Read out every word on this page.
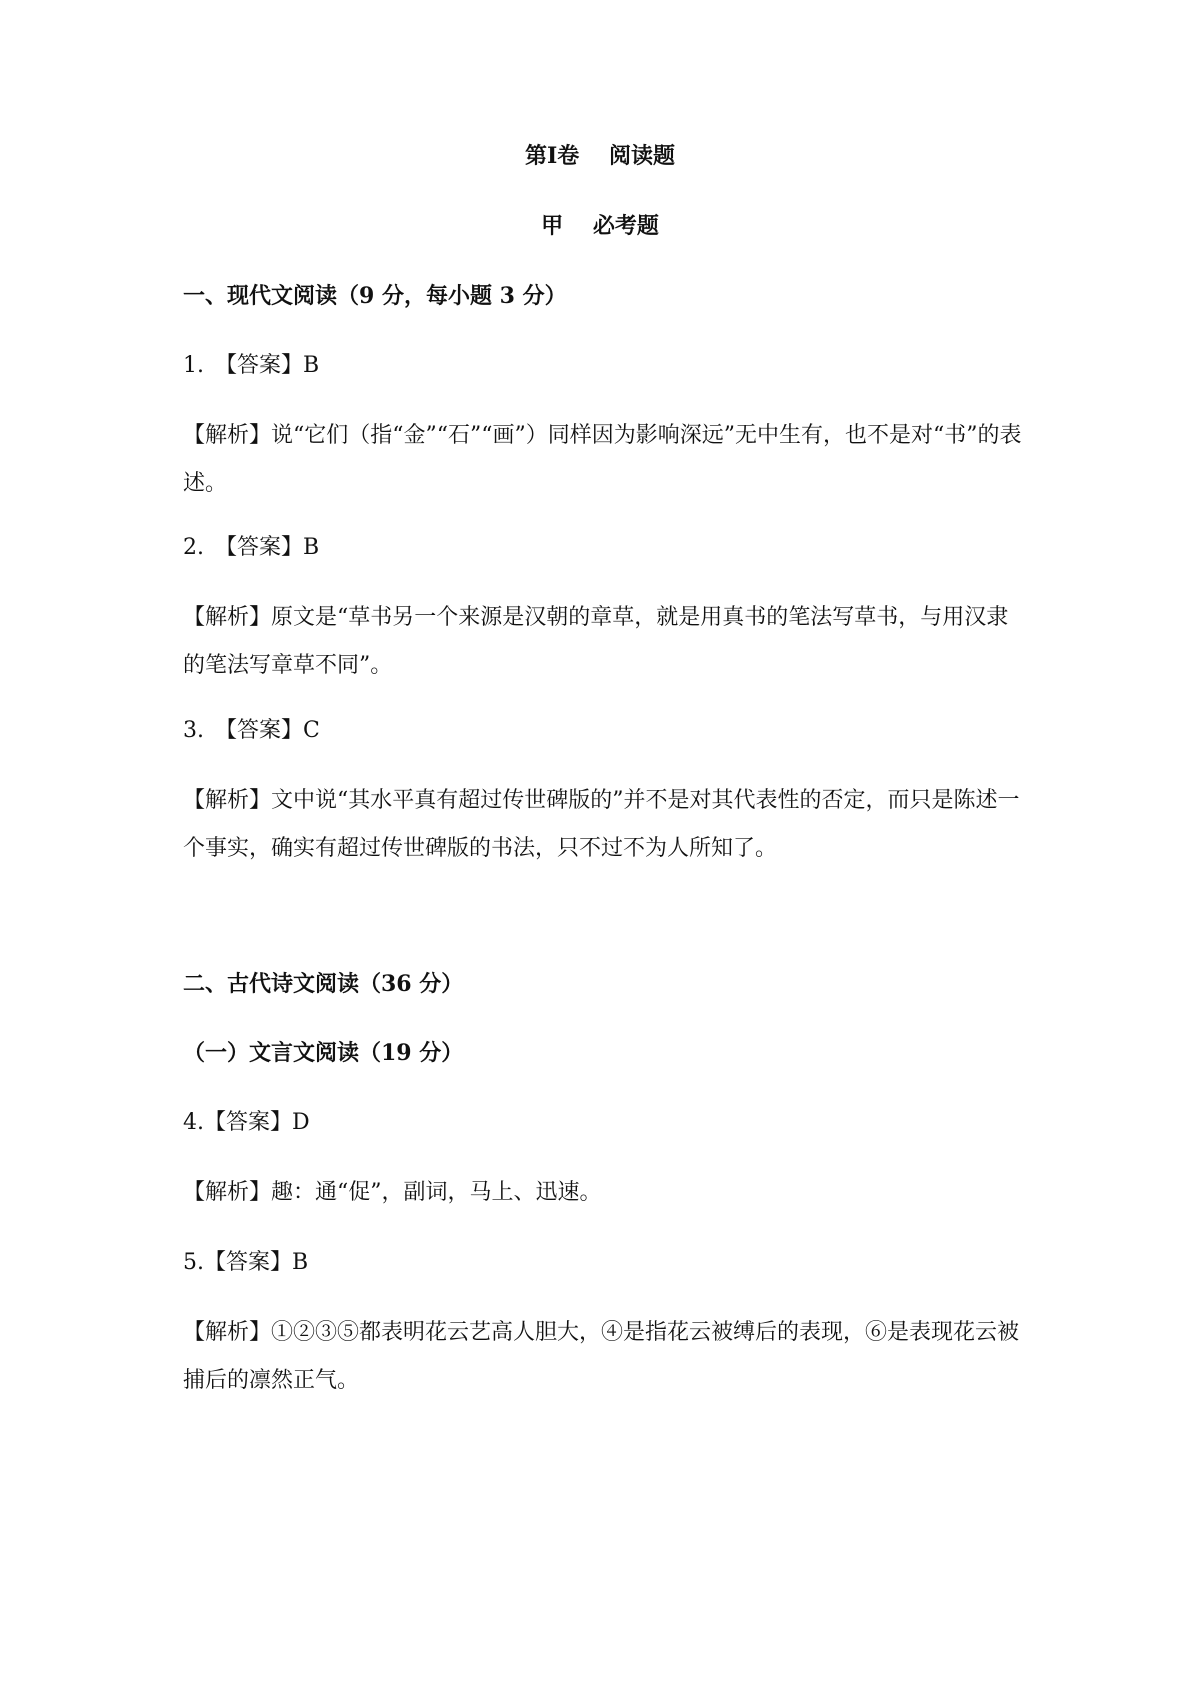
第Ⅰ卷　 阅读题
甲　 必考题
一、现代文阅读（9 分，每小题 3 分）
1.　【答案】B
【解析】说“它们（指“金”“石”“画”）同样因为影响深远”无中生有，也不是对“书”的表述。
2.　【答案】B
【解析】原文是“草书另一个来源是汉朝的章草，就是用真书的笔法写草书，与用汉隶的笔法写章草不同”。
3.　【答案】C
【解析】文中说“其水平真有超过传世碑版的”并不是对其代表性的否定，而只是陈述一个事实，确实有超过传世碑版的书法，只不过不为人所知了。
二、古代诗文阅读（36 分）
（一）文言文阅读（19 分）
4.【答案】D
【解析】趣：通“促”，副词，马上、迅速。
5.【答案】B
【解析】①②③⑤都表明花云艺高人胆大，④是指花云被缚后的表现，⑥是表现花云被捕后的凛然正气。
